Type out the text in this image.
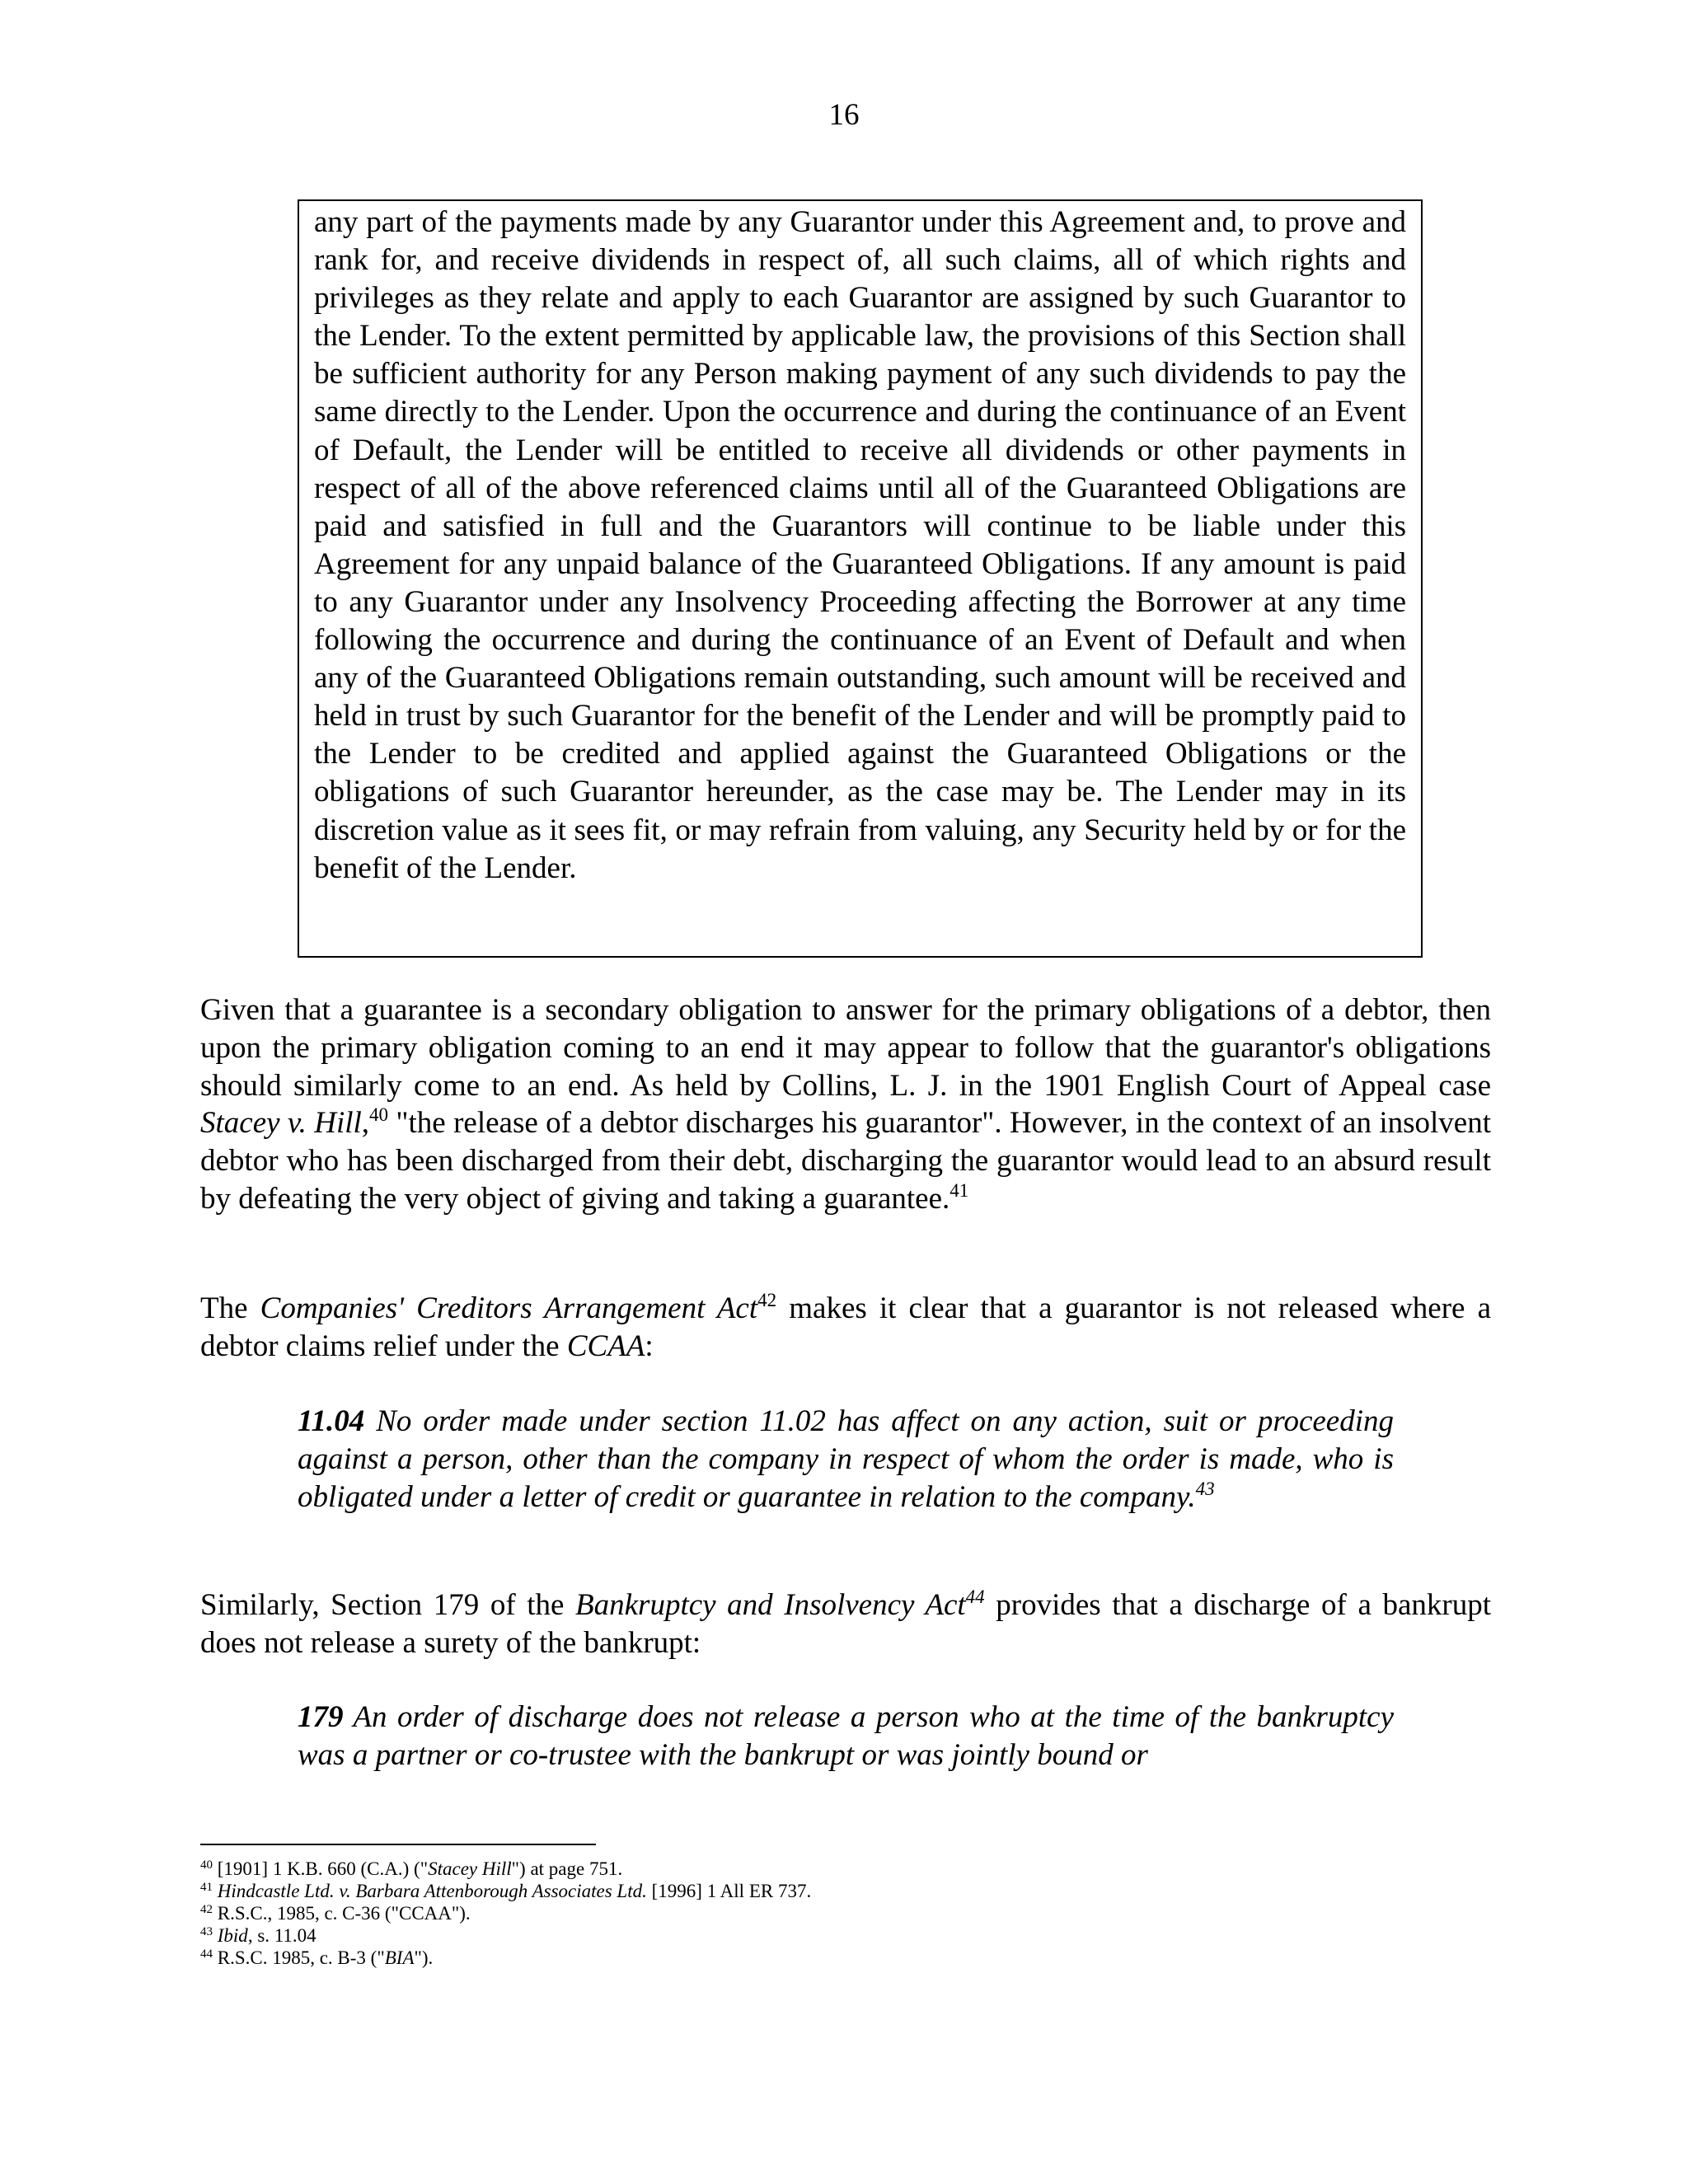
16

any part of the payments made by any Guarantor under this Agreement and, to prove and rank for, and receive dividends in respect of, all such claims, all of which rights and privileges as they relate and apply to each Guarantor are assigned by such Guarantor to the Lender. To the extent permitted by applicable law, the provisions of this Section shall be sufficient authority for any Person making payment of any such dividends to pay the same directly to the Lender. Upon the occurrence and during the continuance of an Event of Default, the Lender will be entitled to receive all dividends or other payments in respect of all of the above referenced claims until all of the Guaranteed Obligations are paid and satisfied in full and the Guarantors will continue to be liable under this Agreement for any unpaid balance of the Guaranteed Obligations. If any amount is paid to any Guarantor under any Insolvency Proceeding affecting the Borrower at any time following the occurrence and during the continuance of an Event of Default and when any of the Guaranteed Obligations remain outstanding, such amount will be received and held in trust by such Guarantor for the benefit of the Lender and will be promptly paid to the Lender to be credited and applied against the Guaranteed Obligations or the obligations of such Guarantor hereunder, as the case may be. The Lender may in its discretion value as it sees fit, or may refrain from valuing, any Security held by or for the benefit of the Lender.

Given that a guarantee is a secondary obligation to answer for the primary obligations of a debtor, then upon the primary obligation coming to an end it may appear to follow that the guarantor's obligations should similarly come to an end. As held by Collins, L. J. in the 1901 English Court of Appeal case Stacey v. Hill,$^{40}$ "the release of a debtor discharges his guarantor". However, in the context of an insolvent debtor who has been discharged from their debt, discharging the guarantor would lead to an absurd result by defeating the very object of giving and taking a guarantee.$^{41}$

The Companies' Creditors Arrangement Act$^{42}$ makes it clear that a guarantor is not released where a debtor claims relief under the CCAA:

11.04 No order made under section 11.02 has affect on any action, suit or proceeding against a person, other than the company in respect of whom the order is made, who is obligated under a letter of credit or guarantee in relation to the company.$^{43}$

Similarly, Section 179 of the Bankruptcy and Insolvency Act$^{44}$ provides that a discharge of a bankrupt does not release a surety of the bankrupt:

179 An order of discharge does not release a person who at the time of the bankruptcy was a partner or co-trustee with the bankrupt or was jointly bound or

$^{40}$ [1901] 1 K.B. 660 (C.A.) ("Stacey Hill") at page 751.

$^{41}$ Hindcastle Ltd. v. Barbara Attenborough Associates Ltd. [1996] 1 All ER 737.

$^{42}$ R.S.C., 1985, c. C-36 ("CCAA").

$^{43}$ Ibid, s. 11.04

$^{44}$ R.S.C. 1985, c. B-3 ("BIA").
